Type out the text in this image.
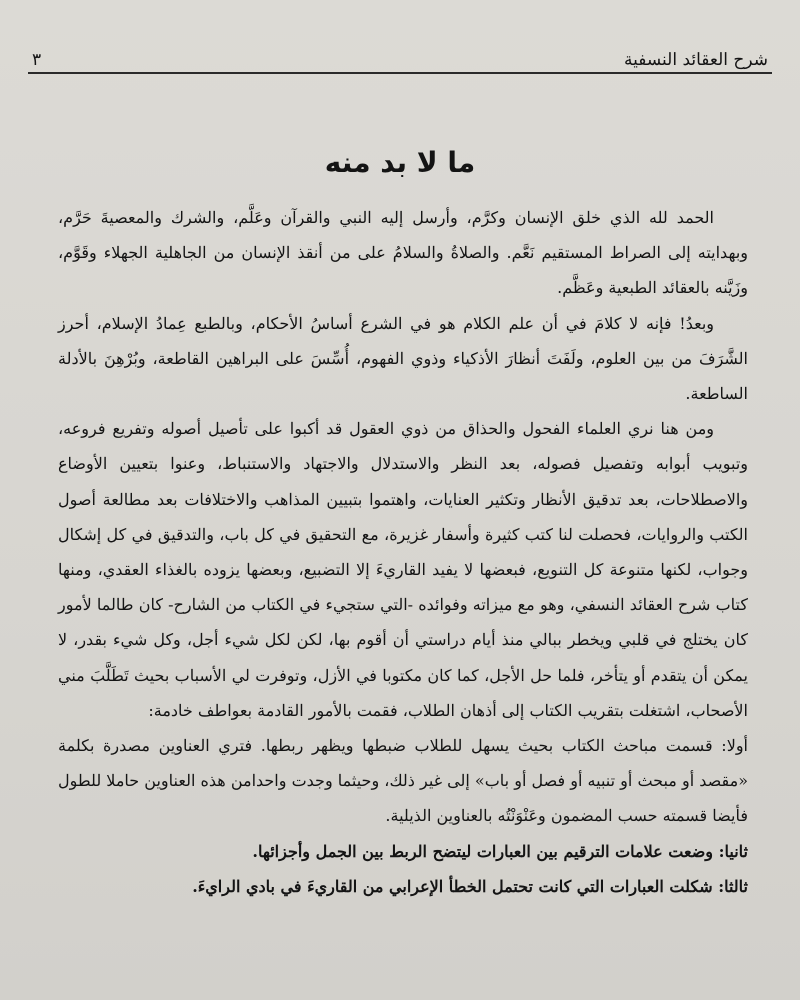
شرح العقائد النسفية
٣
ما لا بد منه

الحمد لله الذي خلق الإنسان وكرَّم، وأرسل إليه النبي والقرآن وعَلَّم، والشرك والمعصيةَ حَرَّم، وبهدايته إلى الصراط المستقيم نَعَّم. والصلاةُ والسلامُ على من أنقذ الإنسان من الجاهلية الجهلاء وقَوَّم، وزَيَّنه بالعقائد الطبعية وعَظَّم.

وبعدُ! فإنه لا كلامَ في أن علم الكلام هو في الشرع أساسُ الأحكام، وبالطبع عِمادُ الإسلام، أحرز الشَّرَفَ من بين العلوم، ولَفَتَ أنظارَ الأذكياء وذوي الفهوم، أُسِّسَ على البراهين القاطعة، وبُرْهِنَ بالأدلة الساطعة.

ومن هنا نري العلماء الفحول والحذاق من ذوي العقول قد أكبوا على تأصيل أصوله وتفريع فروعه، وتبويب أبوابه وتفصيل فصوله، بعد النظر والاستدلال والاجتهاد والاستنباط، وعنوا بتعيين الأوضاع والاصطلاحات، بعد تدقيق الأنظار وتكثير العنايات، واهتموا بتبيين المذاهب والاختلافات بعد مطالعة أصول الكتب والروايات، فحصلت لنا كتب كثيرة وأسفار غزيرة، مع التحقيق في كل باب، والتدقيق في كل إشكال وجواب، لكنها متنوعة كل التنويع، فبعضها لا يفيد القاريءَ إلا التضبيع، وبعضها يزوده بالغذاء العقدي، ومنها كتاب شرح العقائد النسفي، وهو مع ميزاته وفوائده -التي ستجيء في الكتاب من الشارح- كان طالما لأمور كان يختلج في قلبي ويخطر ببالي منذ أيام دراستي أن أقوم بها، لكن لكل شيء أجل، وكل شيء بقدر، لا يمكن أن يتقدم أو يتأخر، فلما حل الأجل، كما كان مكتوبا في الأزل، وتوفرت لي الأسباب بحيث تَطَلَّبَ مني الأصحاب، اشتغلت بتقريب الكتاب إلى أذهان الطلاب، فقمت بالأمور القادمة بعواطف خادمة:

أولا: قسمت مباحث الكتاب بحيث يسهل للطلاب ضبطها ويظهر ربطها. فتري العناوين مصدرة بكلمة «مقصد أو مبحث أو تنبيه أو فصل أو باب» إلى غير ذلك، وحيثما وجدت واحدامن هذه العناوين حاملا للطول فأيضا قسمته حسب المضمون وعَنْوَنْتُه بالعناوين الذيلية.

ثانيا: وضعت علامات الترقيم بين العبارات ليتضح الربط بين الجمل وأجزائها.

ثالثا: شكلت العبارات التي كانت تحتمل الخطأ الإعرابي من القاريءَ في بادي الرايءَ.
